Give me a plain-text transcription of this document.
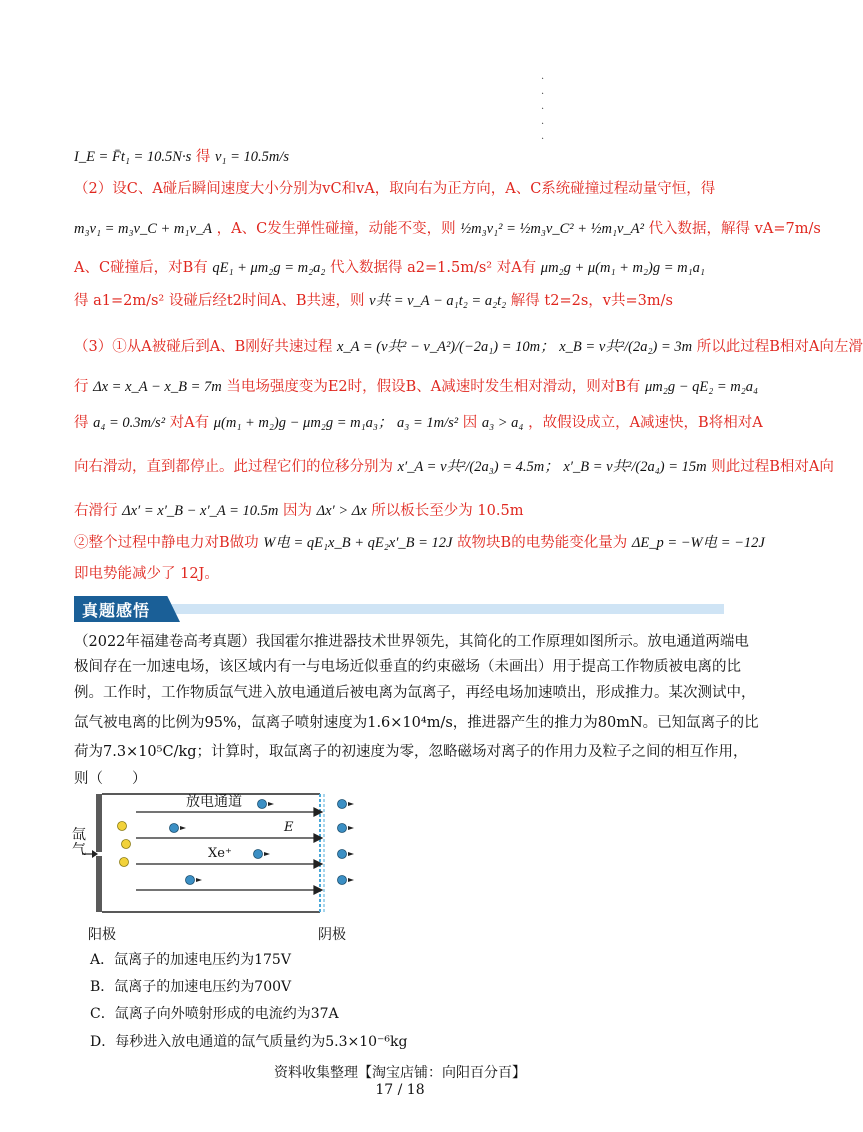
·
·
·
·
·
I_E = F̄t₁ = 10.5N·s 得 v₁ = 10.5m/s
（2）设C、A碰后瞬间速度大小分别为vC和vA，取向右为正方向，A、C系统碰撞过程动量守恒，得
m₃v₁ = m₃v_C + m₁v_A ，A、C发生弹性碰撞，动能不变，则 ½m₃v₁² = ½m₃v_C² + ½m₁v_A² 代入数据，解得 vA=7m/s
A、C碰撞后，对B有 qE₁ + μm₂g = m₂a₂ 代入数据得 a2=1.5m/s² 对A有 μm₂g + μ(m₁ + m₂)g = m₁a₁
得 a1=2m/s² 设碰后经t2时间A、B共速，则 v共 = v_A − a₁t₂ = a₂t₂ 解得 t2=2s，v共=3m/s
（3）①从A被碰后到A、B刚好共速过程 x_A = (v共² − v_A²)/(−2a₁) = 10m； x_B = v共²/(2a₂) = 3m 所以此过程B相对A向左滑
行 Δx = x_A − x_B = 7m 当电场强度变为E2时，假设B、A减速时发生相对滑动，则对B有 μm₂g − qE₂ = m₂a₄
得 a₄ = 0.3m/s² 对A有 μ(m₁ + m₂)g − μm₂g = m₁a₃； a₃ = 1m/s² 因 a₃ > a₄ ，故假设成立，A减速快，B将相对A
向右滑动，直到都停止。此过程它们的位移分别为 x′_A = v共²/(2a₃) = 4.5m； x′_B = v共²/(2a₄) = 15m 则此过程B相对A向
右滑行 Δx′ = x′_B − x′_A = 10.5m 因为 Δx′ > Δx 所以板长至少为 10.5m
②整个过程中静电力对B做功 W电 = qE₁x_B + qE₂x′_B = 12J 故物块B的电势能变化量为 ΔE_p = −W电 = −12J
即电势能减少了 12J。
真题感悟
（2022年福建卷高考真题）我国霍尔推进器技术世界领先，其简化的工作原理如图所示。放电通道两端电
极间存在一加速电场，该区域内有一与电场近似垂直的约束磁场（未画出）用于提高工作物质被电离的比
例。工作时，工作物质氙气进入放电通道后被电离为氙离子，再经电场加速喷出，形成推力。某次测试中，
氙气被电离的比例为95%，氙离子喷射速度为1.6×10⁴m/s，推进器产生的推力为80mN。已知氙离子的比
荷为7.3×10⁵C/kg；计算时，取氙离子的初速度为零，忽略磁场对离子的作用力及粒子之间的相互作用，
则（　　）
放电通道
E
Xe⁺
氙气
阳极	阴极
A．氙离子的加速电压约为175V
B．氙离子的加速电压约为700V
C．氙离子向外喷射形成的电流约为37A
D．每秒进入放电通道的氙气质量约为5.3×10⁻⁶kg
资料收集整理【淘宝店铺：向阳百分百】
17 / 18
